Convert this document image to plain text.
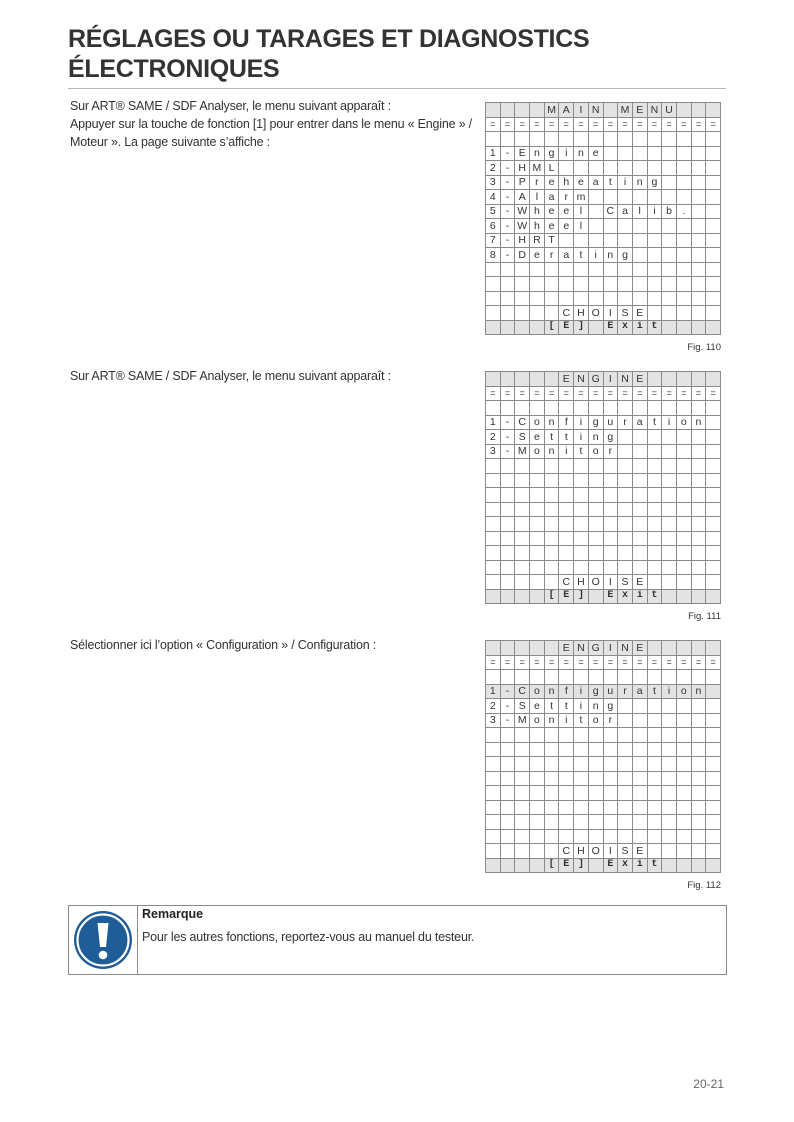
RÉGLAGES OU TARAGES ET DIAGNOSTICS
ÉLECTRONIQUES

Sur ART® SAME / SDF Analyser, le menu suivant apparaît :

Appuyer sur la touche de fonction [1] pour entrer dans le menu « Engine » / Moteur ». La page suivante s’affiche :

				M	A	I	N		M	E	N	U			
=	=	=	=	=	=	=	=	=	=	=	=	=	=	=	=

1	-	E	n	g	i	n	e								
2	-	H	M	L											
3	-	P	r	e	h	e	a	t	i	n	g				
4	-	A	l	a	r	m									
5	-	W	h	e	e	l		C	a	l	i	b	.		
6	-	W	h	e	e	l									
7	-	H	R	T											
8	-	D	e	r	a	t	i	n	g						

					C	H	O	I	S	E					
				[	E	]		E	x	i	t				
Fig. 110

Sur ART® SAME / SDF Analyser, le menu suivant apparaît :

						E	N	G	I	N	E					
=	=	=	=	=	=	=	=	=	=	=	=	=	=	=	=

1	-	C	o	n	f	i	g	u	r	a	t	i	o	n	
2	-	S	e	t	t	i	n	g							
3	-	M	o	n	i	t	o	r							

					C	H	O	I	S	E					
				[	E	]		E	x	i	t				
Fig. 111

Sélectionner ici l’option « Configuration » / Configuration :

						E	N	G	I	N	E					
=	=	=	=	=	=	=	=	=	=	=	=	=	=	=	=

1	-	C	o	n	f	i	g	u	r	a	t	i	o	n	
2	-	S	e	t	t	i	n	g							
3	-	M	o	n	i	t	o	r							

					C	H	O	I	S	E					
				[	E	]		E	x	i	t				
Fig. 112
Remarque
Pour les autres fonctions, reportez-vous au manuel du testeur.
20-21
